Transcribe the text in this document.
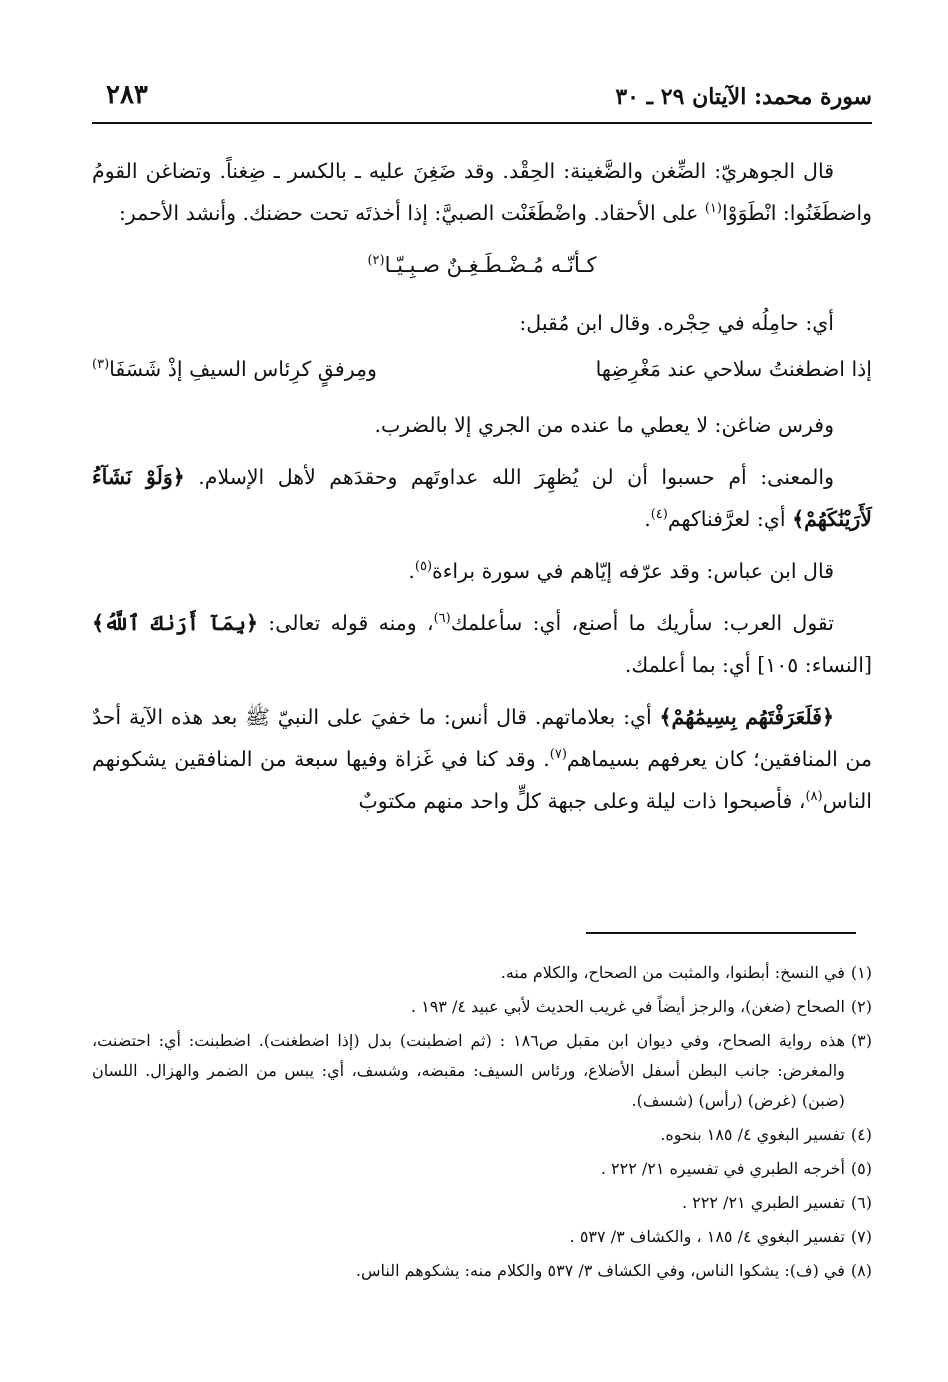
سورة محمد: الآيتان ٢٩ ـ ٣٠
٢٨٣

قال الجوهريّ: الضِّغن والضَّغينة: الحِقْد. وقد ضَغِنَ عليه ـ بالكسر ـ ضِغناً. وتضاغن القومُ واضطَغَنُوا: انْطَوَوْا$^{(١)}$ على الأحقاد. واضْطَغَنْت الصبيَّ: إذا أخذتَه تحت حضنك. وأنشد الأحمر:

كـأنّـه مُـضْـطَـغِـنٌ صـبِـيّـا$^{(٢)}$

أي: حامِلُه في حِجْره. وقال ابن مُقبل:

إذا اضطغنتُ سلاحي عند مَغْرِضِها
ومِرفقٍ كرِئاس السيفِ إذْ شَسَفَا$^{(٣)}$

وفرس ضاغن: لا يعطي ما عنده من الجري إلا بالضرب.

والمعنى: أم حسبوا أن لن يُظهِرَ الله عداوتَهم وحقدَهم لأهل الإسلام. ﴿وَلَوْ نَشَآءُ لَأَرَيْنَٰكَهُمْ﴾ أي: لعرَّفناكهم$^{(٤)}$.

قال ابن عباس: وقد عرّفه إيّاهم في سورة براءة$^{(٥)}$.

تقول العرب: سأريك ما أصنع، أي: سأعلمك$^{(٦)}$، ومنه قوله تعالى: ﴿بِمَآ أَرَىٰكَ ٱللَّهُ﴾ [النساء: ١٠٥] أي: بما أعلمك.

﴿فَلَعَرَفْتَهُم بِسِيمَٰهُمْ﴾ أي: بعلاماتهم. قال أنس: ما خفيَ على النبيّ ﷺ بعد هذه الآية أحدٌ من المنافقين؛ كان يعرفهم بسيماهم$^{(٧)}$. وقد كنا في غَزاة وفيها سبعة من المنافقين يشكونهم الناس$^{(٨)}$، فأصبحوا ذات ليلة وعلى جبهة كلٍّ واحد منهم مكتوبٌ

(١)
في النسخ: أبطنوا، والمثبت من الصحاح، والكلام منه.
(٢)
الصحاح (ضغن)، والرجز أيضاً في غريب الحديث لأبي عبيد ٤/ ١٩٣ .
(٣)
هذه رواية الصحاح، وفي ديوان ابن مقبل ص١٨٦ : (ثم اضطبنت) بدل (إذا اضطغنت). اضطبنت: أي: احتضنت، والمغرض: جانب البطن أسفل الأضلاع، ورئاس السيف: مقبضه، وشسف، أي: يبس من الضمر والهزال. اللسان (ضبن) (غرض) (رأس) (شسف).
(٤)
تفسير البغوي ٤/ ١٨٥ بنحوه.
(٥)
أخرجه الطبري في تفسيره ٢١/ ٢٢٢ .
(٦)
تفسير الطبري ٢١/ ٢٢٢ .
(٧)
تفسير البغوي ٤/ ١٨٥ ، والكشاف ٣/ ٥٣٧ .
(٨)
في (ف): يشكوا الناس، وفي الكشاف ٣/ ٥٣٧ والكلام منه: يشكوهم الناس.
